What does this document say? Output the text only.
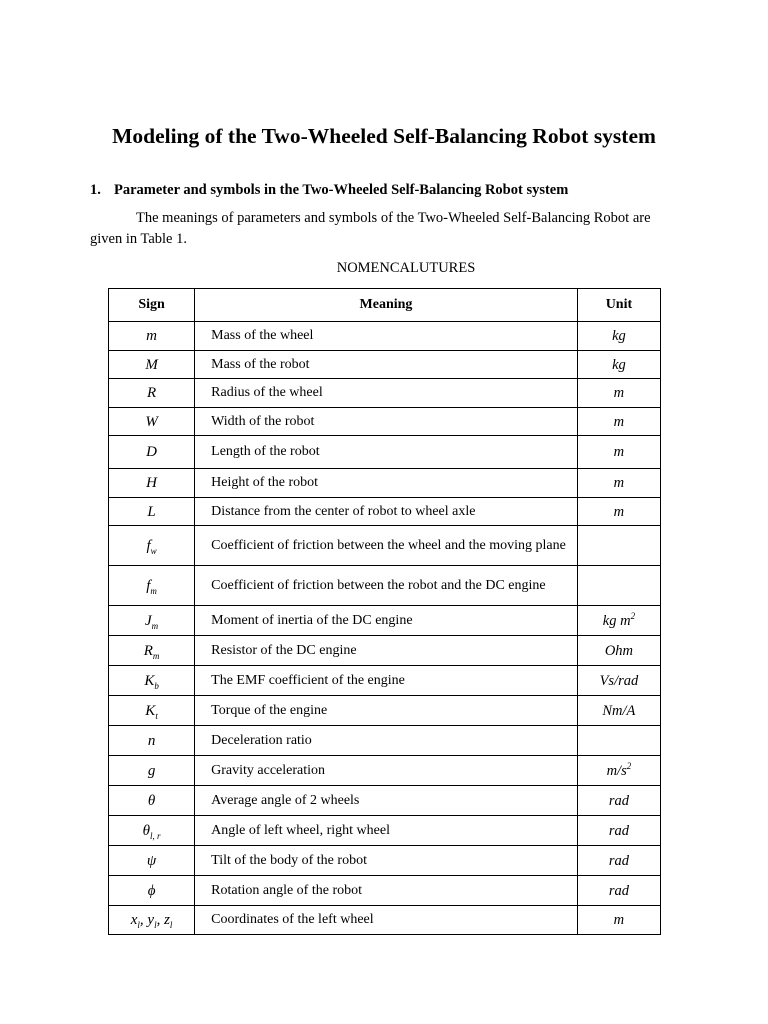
Modeling of the Two-Wheeled Self-Balancing Robot system
1. Parameter and symbols in the Two-Wheeled Self-Balancing Robot system
The meanings of parameters and symbols of the Two-Wheeled Self-Balancing Robot are given in Table 1.
NOMENCALUTURES
Sign	Meaning	Unit
m	Mass of the wheel	kg
M	Mass of the robot	kg
R	Radius of the wheel	m
W	Width of the robot	m
D	Length of the robot	m
H	Height of the robot	m
L	Distance from the center of robot to wheel axle	m
$f_w$	Coefficient of friction between the wheel and the moving plane	
$f_m$	Coefficient of friction between the robot and the DC engine	
$J_m$	Moment of inertia of the DC engine	kg $m^2$
$R_m$	Resistor of the DC engine	Ohm
$K_b$	The EMF coefficient of the engine	Vs/rad
$K_t$	Torque of the engine	Nm/A
n	Deceleration ratio	
g	Gravity acceleration	$m/s^2$
θ	Average angle of 2 wheels	rad
$\theta_{l, r}$	Angle of left wheel, right wheel	rad
ψ	Tilt of the body of the robot	rad
ϕ	Rotation angle of the robot	rad
$x_l$, $y_l$, $z_l$	Coordinates of the left wheel	m
